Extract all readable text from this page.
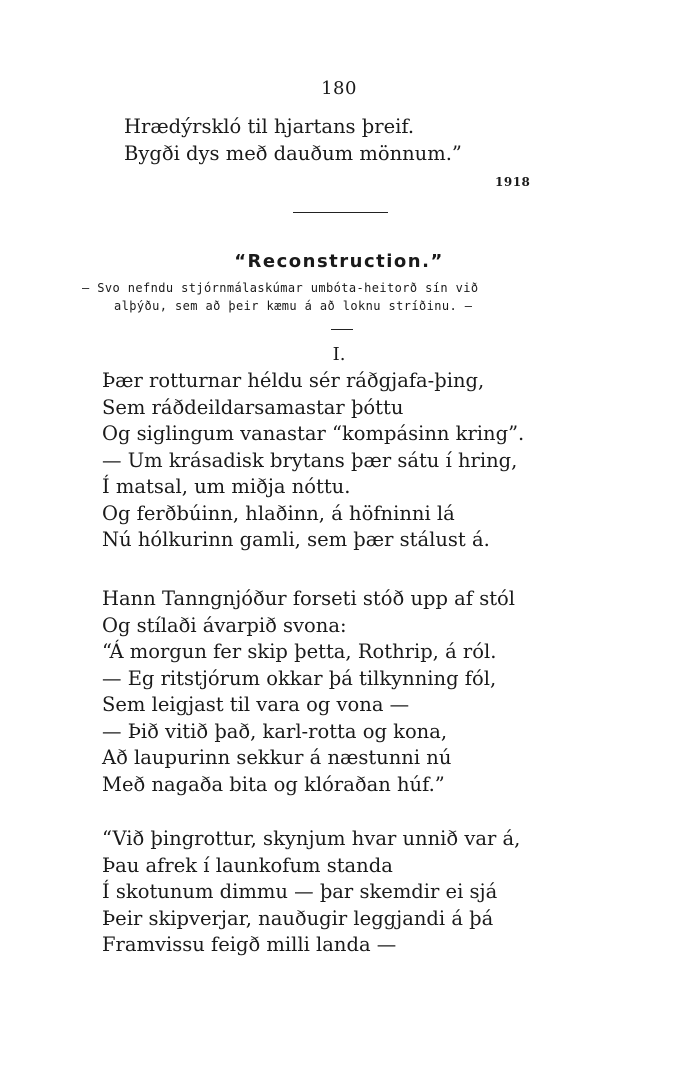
180
Hrædýrskló til hjartans þreif.
Bygði dys með dauðum mönnum.”
1918
“Reconstruction.”
— Svo nefndu stjórnmálaskúmar umbóta-heitorð sín við
alþýðu, sem að þeir kæmu á að loknu stríðinu. —
I.
Þær rotturnar héldu sér ráðgjafa-þing,
Sem ráðdeildarsamastar þóttu
Og siglingum vanastar “kompásinn kring”.
— Um krásadisk brytans þær sátu í hring,
Í matsal, um miðja nóttu.
Og ferðbúinn, hlaðinn, á höfninni lá
Nú hólkurinn gamli, sem þær stálust á.
Hann Tanngnjóður forseti stóð upp af stól
Og stílaði ávarpið svona:
“Á morgun fer skip þetta, Rothrip, á ról.
— Eg ritstjórum okkar þá tilkynning fól,
Sem leigjast til vara og vona —
— Þið vitið það, karl-rotta og kona,
Að laupurinn sekkur á næstunni nú
Með nagaða bita og klóraðan húf.”
“Við þingrottur, skynjum hvar unnið var á,
Þau afrek í launkofum standa
Í skotunum dimmu — þar skemdir ei sjá
Þeir skipverjar, nauðugir leggjandi á þá
Framvissu feigð milli landa —
